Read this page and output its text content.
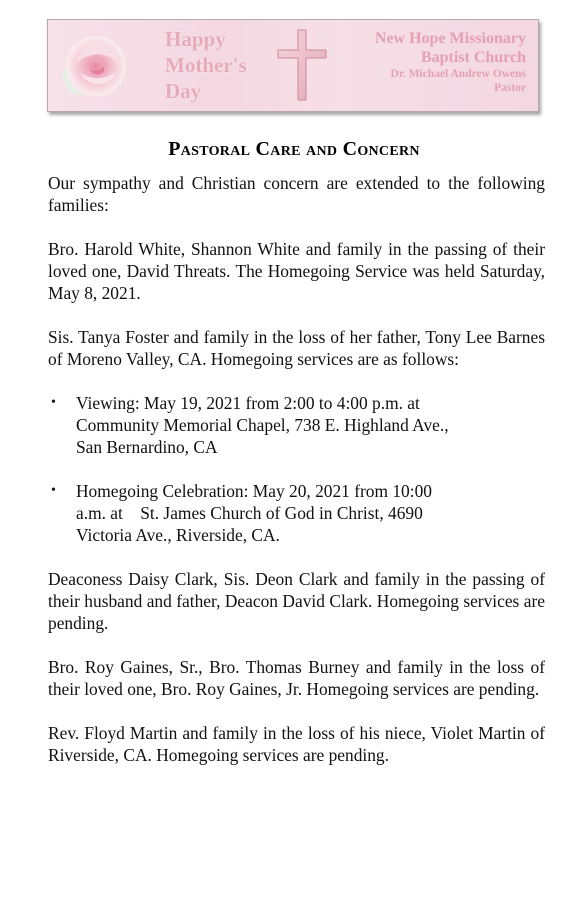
Happy
Mother's
Day
New Hope Missionary
Baptist Church
Dr. Michael Andrew Owens
Pastor
Pastoral Care and Concern

Our sympathy and Christian concern are extended to the following families:

Bro. Harold White, Shannon White and family in the passing of their loved one, David Threats. The Homegoing Service was held Saturday, May 8, 2021.

Sis. Tanya Foster and family in the loss of her father, Tony Lee Barnes of Moreno Valley, CA. Homegoing services are as follows:

• Viewing: May 19, 2021 from 2:00 to 4:00 p.m. at
Community Memorial Chapel, 738 E. Highland Ave.,
San Bernardino, CA
• Homegoing Celebration: May 20, 2021 from 10:00
a.m. at    St. James Church of God in Christ, 4690
Victoria Ave., Riverside, CA.

Deaconess Daisy Clark, Sis. Deon Clark and family in the passing of their husband and father, Deacon David Clark. Homegoing services are pending.

Bro. Roy Gaines, Sr., Bro. Thomas Burney and family in the loss of their loved one, Bro. Roy Gaines, Jr. Homegoing services are pending.

Rev. Floyd Martin and family in the loss of his niece, Violet Martin of Riverside, CA. Homegoing services are pending.
